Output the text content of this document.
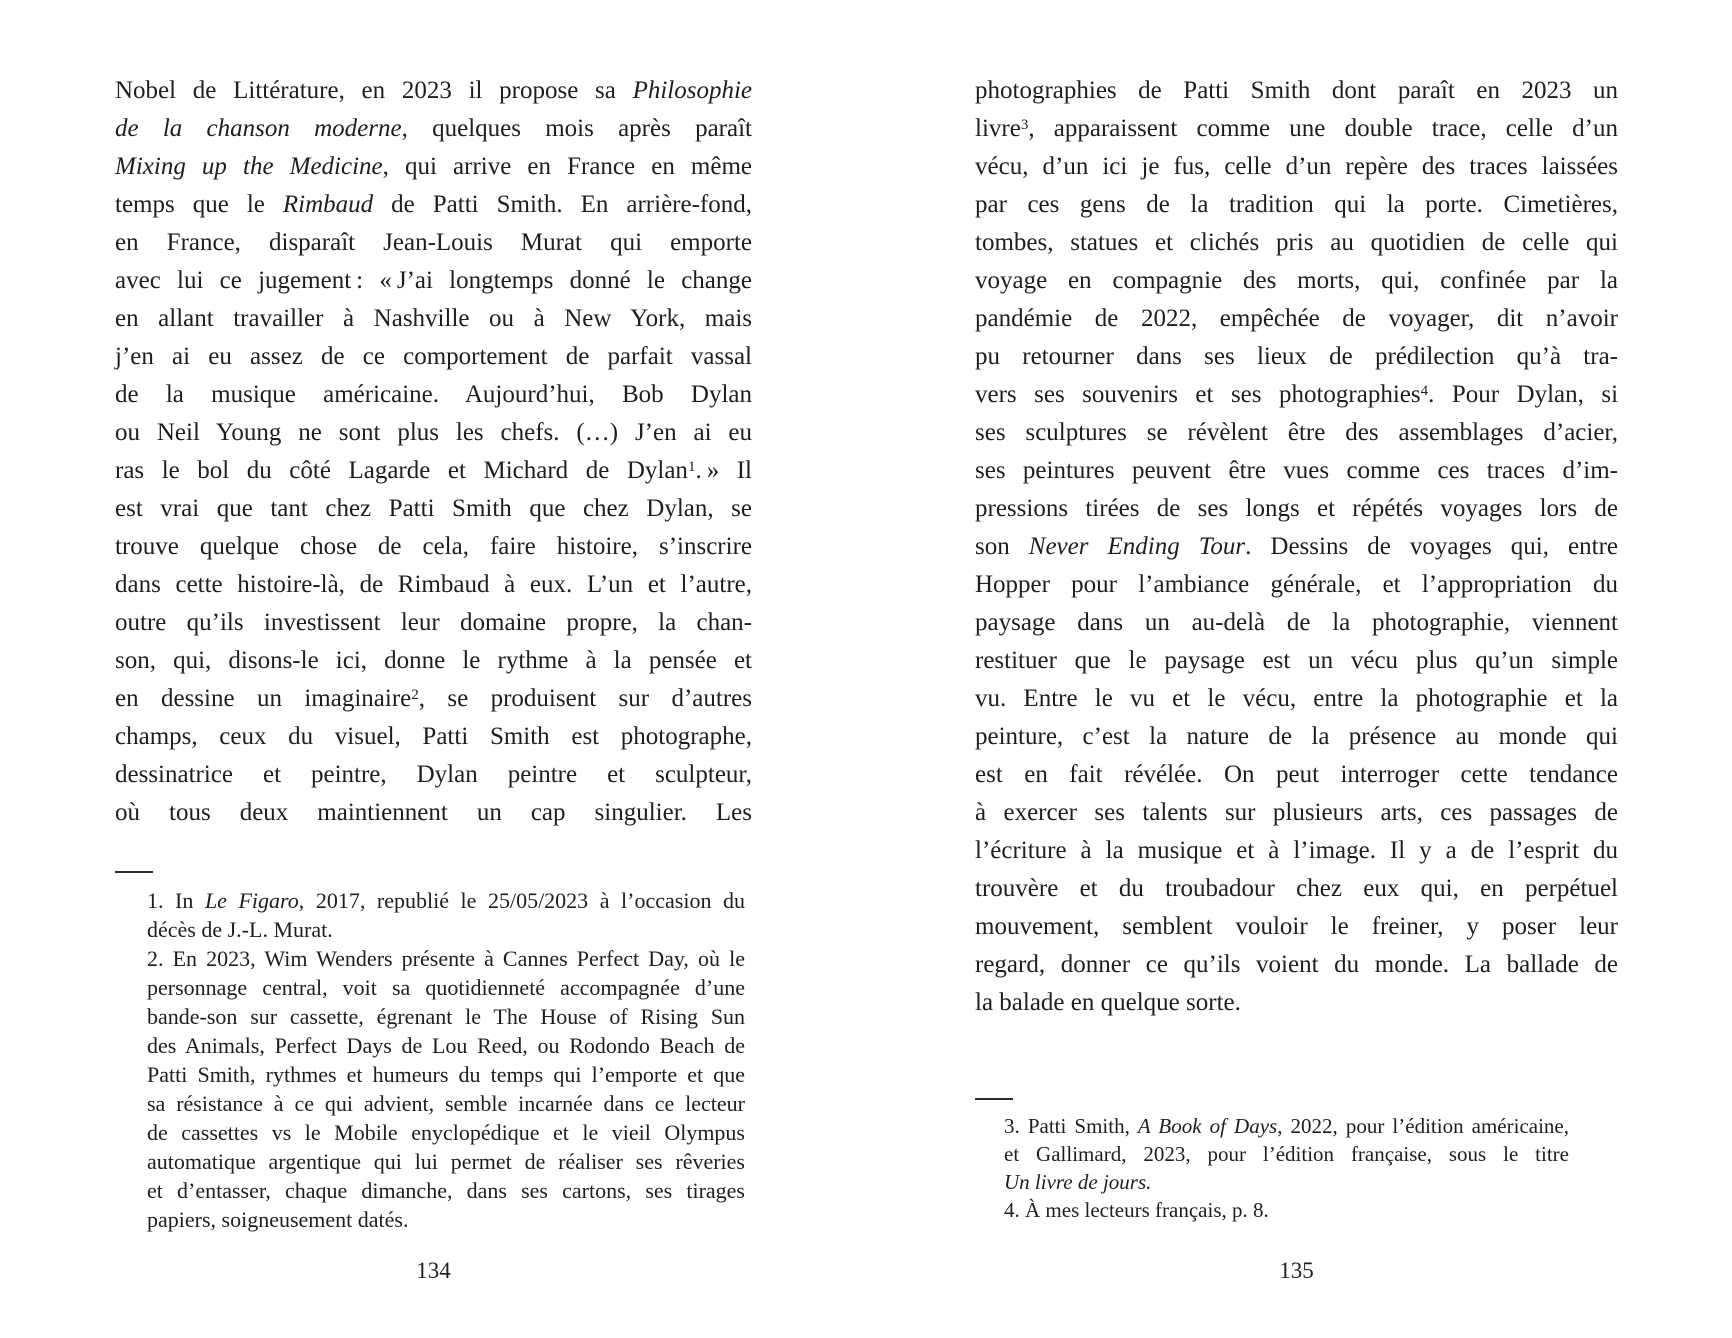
Nobel de Littérature, en 2023 il propose sa Philosophie
de la chanson moderne, quelques mois après paraît
Mixing up the Medicine, qui arrive en France en même
temps que le Rimbaud de Patti Smith. En arrière-fond,
en France, disparaît Jean-Louis Murat qui emporte
avec lui ce jugement : « J’ai longtemps donné le change
en allant travailler à Nashville ou à New York, mais
j’en ai eu assez de ce comportement de parfait vassal
de la musique américaine. Aujourd’hui, Bob Dylan
ou Neil Young ne sont plus les chefs. (…) J’en ai eu
ras le bol du côté Lagarde et Michard de Dylan$^1$. » Il
est vrai que tant chez Patti Smith que chez Dylan, se
trouve quelque chose de cela, faire histoire, s’inscrire
dans cette histoire-là, de Rimbaud à eux. L’un et l’autre,
outre qu’ils investissent leur domaine propre, la chan-
son, qui, disons-le ici, donne le rythme à la pensée et
en dessine un imaginaire$^2$, se produisent sur d’autres
champs, ceux du visuel, Patti Smith est photographe,
dessinatrice et peintre, Dylan peintre et sculpteur,
où tous deux maintiennent un cap singulier. Les
1. In Le Figaro, 2017, republié le 25/05/2023 à l’occasion du
décès de J.-L. Murat.
2. En 2023, Wim Wenders présente à Cannes Perfect Day, où le
personnage central, voit sa quotidienneté accompagnée d’une
bande-son sur cassette, égrenant le The House of Rising Sun
des Animals, Perfect Days de Lou Reed, ou Rodondo Beach de
Patti Smith, rythmes et humeurs du temps qui l’emporte et que
sa résistance à ce qui advient, semble incarnée dans ce lecteur
de cassettes vs le Mobile enyclopédique et le vieil Olympus
automatique argentique qui lui permet de réaliser ses rêveries
et d’entasser, chaque dimanche, dans ses cartons, ses tirages
papiers, soigneusement datés.
134
photographies de Patti Smith dont paraît en 2023 un
livre$^3$, apparaissent comme une double trace, celle d’un
vécu, d’un ici je fus, celle d’un repère des traces laissées
par ces gens de la tradition qui la porte. Cimetières,
tombes, statues et clichés pris au quotidien de celle qui
voyage en compagnie des morts, qui, confinée par la
pandémie de 2022, empêchée de voyager, dit n’avoir
pu retourner dans ses lieux de prédilection qu’à tra-
vers ses souvenirs et ses photographies$^4$. Pour Dylan, si
ses sculptures se révèlent être des assemblages d’acier,
ses peintures peuvent être vues comme ces traces d’im-
pressions tirées de ses longs et répétés voyages lors de
son Never Ending Tour. Dessins de voyages qui, entre
Hopper pour l’ambiance générale, et l’appropriation du
paysage dans un au-delà de la photographie, viennent
restituer que le paysage est un vécu plus qu’un simple
vu. Entre le vu et le vécu, entre la photographie et la
peinture, c’est la nature de la présence au monde qui
est en fait révélée. On peut interroger cette tendance
à exercer ses talents sur plusieurs arts, ces passages de
l’écriture à la musique et à l’image. Il y a de l’esprit du
trouvère et du troubadour chez eux qui, en perpétuel
mouvement, semblent vouloir le freiner, y poser leur
regard, donner ce qu’ils voient du monde. La ballade de
la balade en quelque sorte.
3. Patti Smith, A Book of Days, 2022, pour l’édition américaine,
et Gallimard, 2023, pour l’édition française, sous le titre
Un livre de jours.
4. À mes lecteurs français, p. 8.
135
